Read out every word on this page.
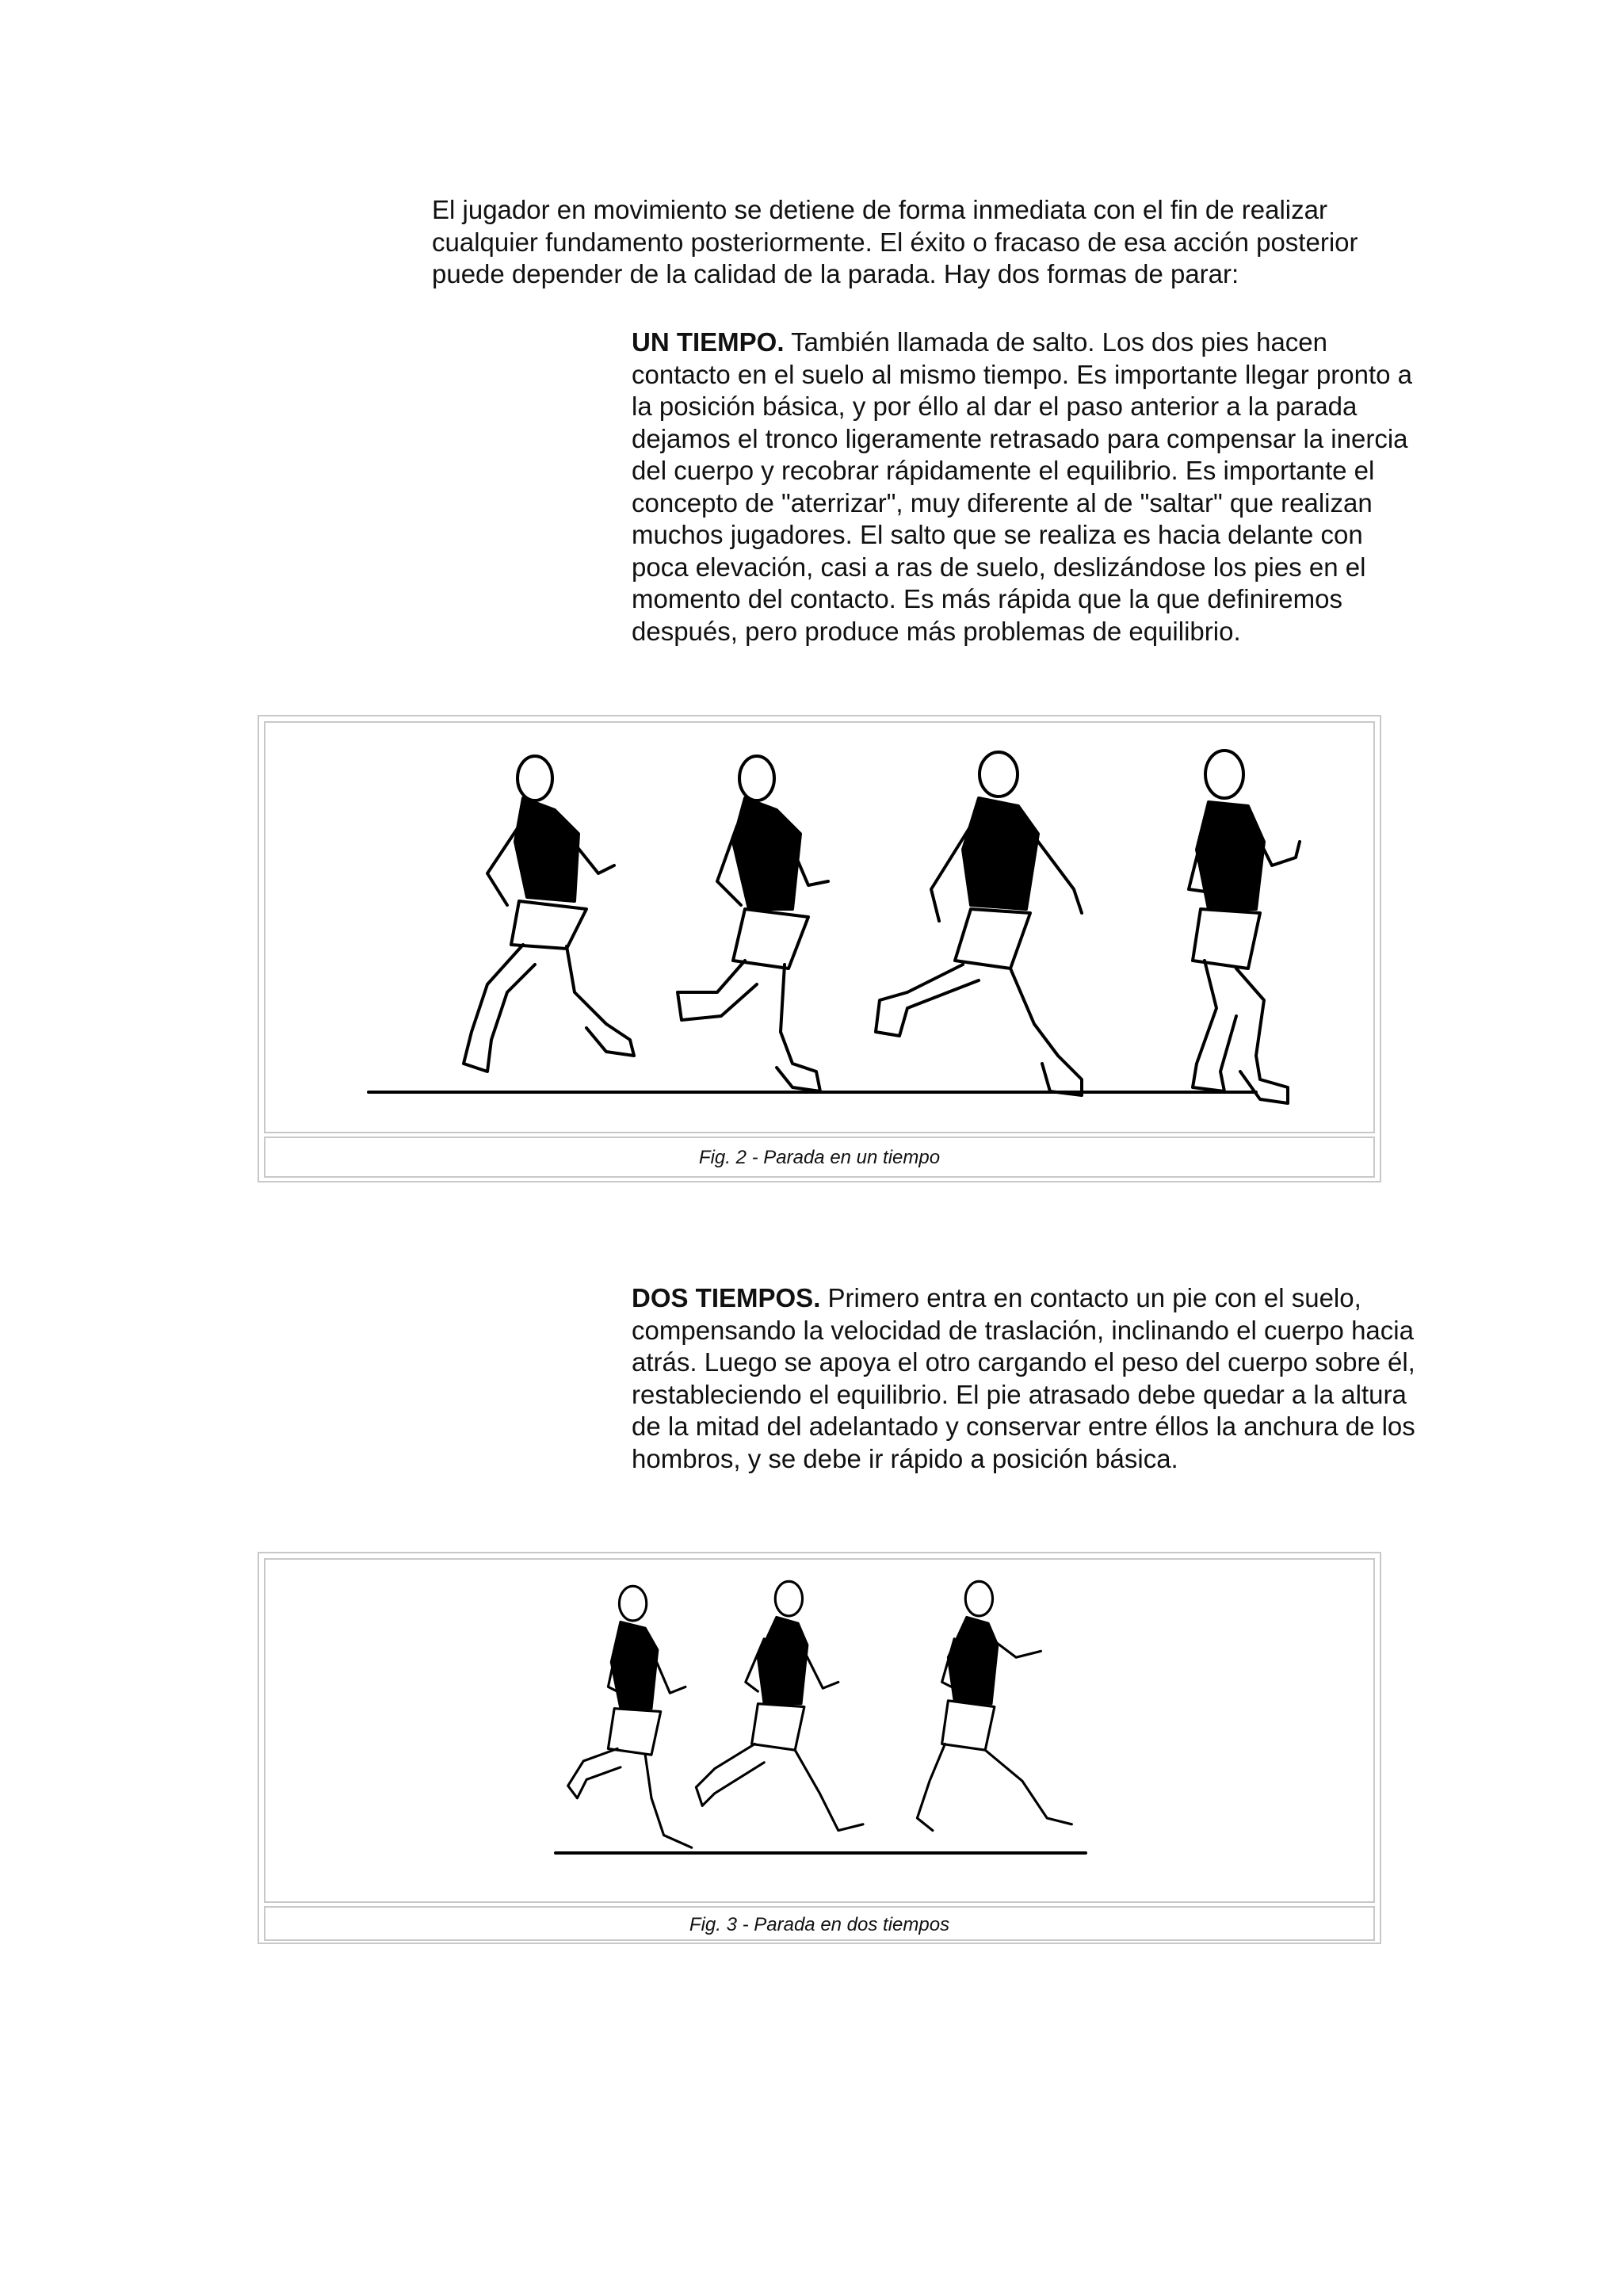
El jugador en movimiento se detiene de forma inmediata con el fin de realizar cualquier fundamento posteriormente. El éxito o fracaso de esa acción posterior puede depender de la calidad de la parada. Hay dos formas de parar:

UN TIEMPO. También llamada de salto. Los dos pies hacen contacto en el suelo al mismo tiempo. Es importante llegar pronto a la posición básica, y por éllo al dar el paso anterior a la parada dejamos el tronco ligeramente retrasado para compensar la inercia del cuerpo y recobrar rápidamente el equilibrio. Es importante el concepto de "aterrizar", muy diferente al de "saltar" que realizan muchos jugadores. El salto que se realiza es hacia delante con poca elevación, casi a ras de suelo, deslizándose los pies en el momento del contacto. Es más rápida que la que definiremos después, pero produce más problemas de equilibrio.

Fig. 2 - Parada en un tiempo

DOS TIEMPOS. Primero entra en contacto un pie con el suelo, compensando la velocidad de traslación, inclinando el cuerpo hacia atrás. Luego se apoya el otro cargando el peso del cuerpo sobre él, restableciendo el equilibrio. El pie atrasado debe quedar a la altura de la mitad del adelantado y conservar entre éllos la anchura de los hombros, y se debe ir rápido a posición básica.

Fig. 3 - Parada en dos tiempos
